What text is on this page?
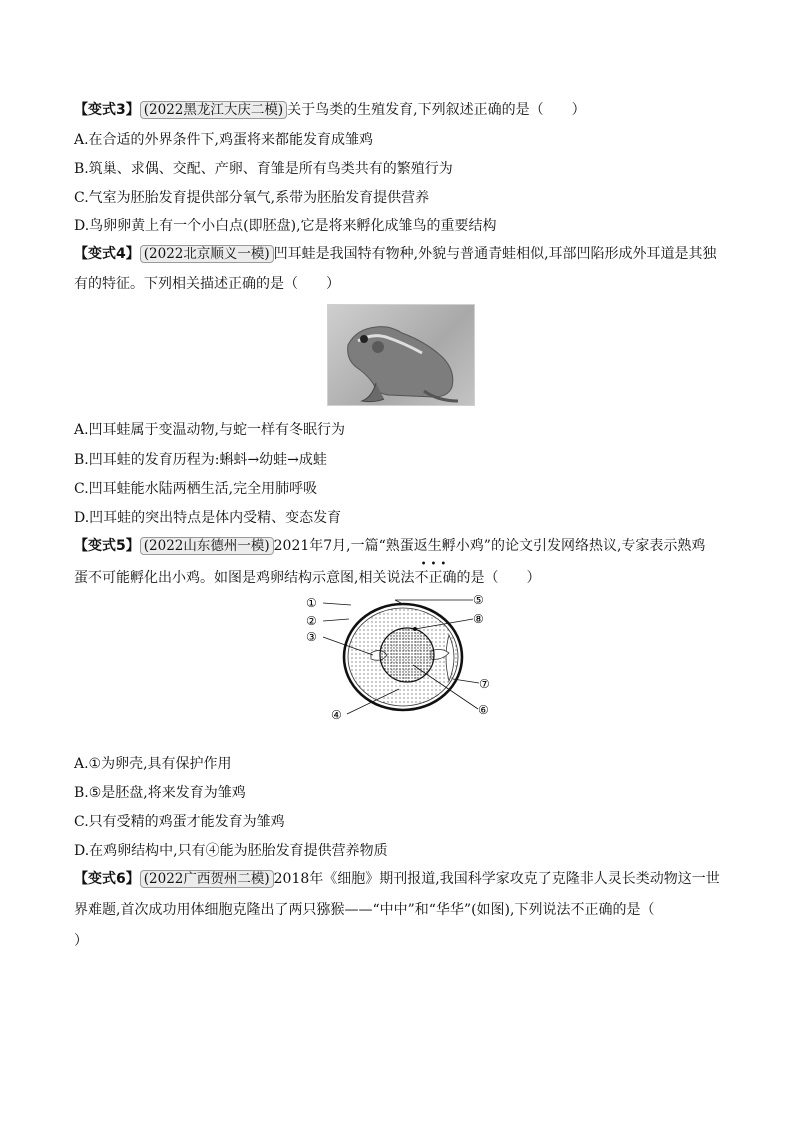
【变式3】 (2022黑龙江大庆二模) 关于鸟类的生殖发育,下列叙述正确的是（　　）
A.在合适的外界条件下,鸡蛋将来都能发育成雏鸡
B.筑巢、求偶、交配、产卵、育雏是所有鸟类共有的繁殖行为
C.气室为胚胎发育提供部分氧气,系带为胚胎发育提供营养
D.鸟卵卵黄上有一个小白点(即胚盘),它是将来孵化成雏鸟的重要结构
【变式4】 (2022北京顺义一模) 凹耳蛙是我国特有物种,外貌与普通青蛙相似,耳部凹陷形成外耳道是其独
有的特征。下列相关描述正确的是（　　）
A.凹耳蛙属于变温动物,与蛇一样有冬眠行为
B.凹耳蛙的发育历程为:蝌蚪→幼蛙→成蛙
C.凹耳蛙能水陆两栖生活,完全用肺呼吸
D.凹耳蛙的突出特点是体内受精、变态发育
【变式5】 (2022山东德州一模) 2021年7月,一篇“熟蛋返生孵小鸡”的论文引发网络热议,专家表示熟鸡
蛋不可能孵化出小鸡。如图是鸡卵结构示意图,相关说法
•••
不正确的是（　　）
①
②
③
④
⑤
⑥
⑦
⑧
A.①为卵壳,具有保护作用
B.⑤是胚盘,将来发育为雏鸡
C.只有受精的鸡蛋才能发育为雏鸡
D.在鸡卵结构中,只有④能为胚胎发育提供营养物质
【变式6】 (2022广西贺州二模) 2018年《细胞》期刊报道,我国科学家攻克了克隆非人灵长类动物这一世
界难题,首次成功用体细胞克隆出了两只猕猴——“中中”和“华华”(如图),下列说法不正确的是（
）
